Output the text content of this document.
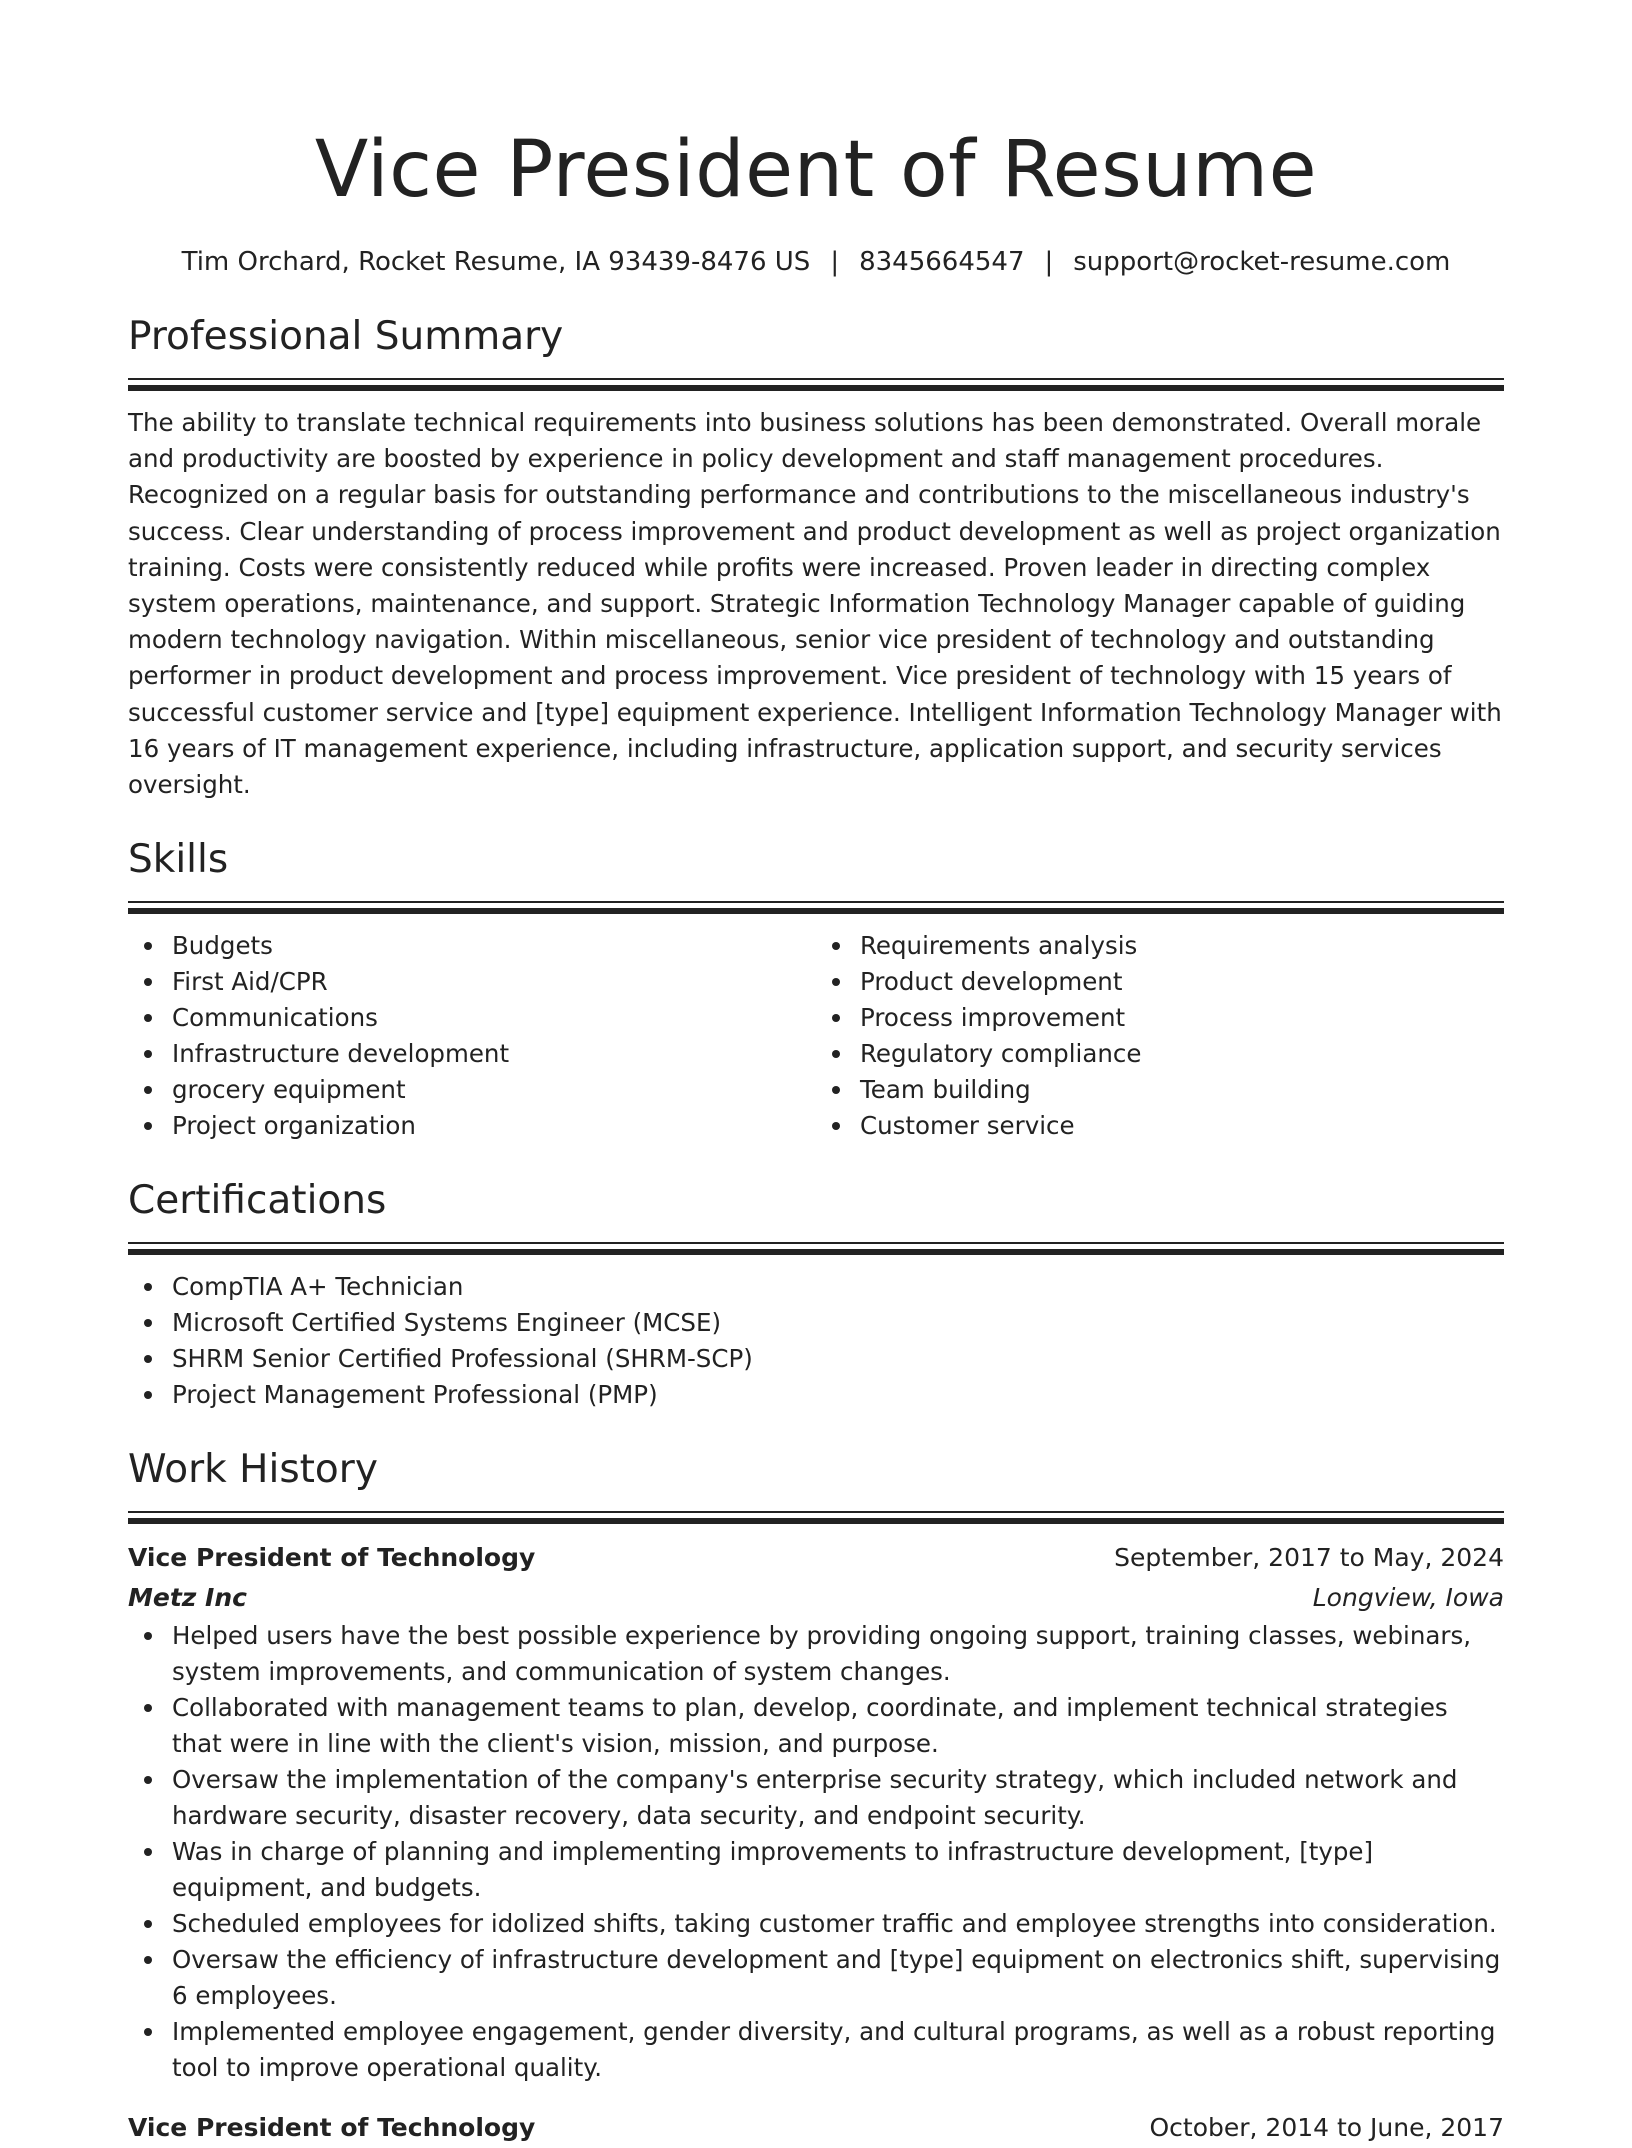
Vice President of Resume
Tim Orchard, Rocket Resume, IA 93439-8476 US | 8345664547 | support@rocket-resume.com
Professional Summary

The ability to translate technical requirements into business solutions has been demonstrated. Overall morale and productivity are boosted by experience in policy development and staff management procedures. Recognized on a regular basis for outstanding performance and contributions to the miscellaneous industry's success. Clear understanding of process improvement and product development as well as project organization training. Costs were consistently reduced while profits were increased. Proven leader in directing complex system operations, maintenance, and support. Strategic Information Technology Manager capable of guiding modern technology navigation. Within miscellaneous, senior vice president of technology and outstanding performer in product development and process improvement. Vice president of technology with 15 years of successful customer service and [type] equipment experience. Intelligent Information Technology Manager with 16 years of IT management experience, including infrastructure, application support, and security services oversight.

Skills
Budgets
First Aid/CPR
Communications
Infrastructure development
grocery equipment
Project organization
Requirements analysis
Product development
Process improvement
Regulatory compliance
Team building
Customer service
Certifications
CompTIA A+ Technician
Microsoft Certified Systems Engineer (MCSE)
SHRM Senior Certified Professional (SHRM-SCP)
Project Management Professional (PMP)
Work History
Vice President of Technology	September, 2017 to May, 2024
Metz Inc	Longview, Iowa
Helped users have the best possible experience by providing ongoing support, training classes, webinars, system improvements, and communication of system changes.
Collaborated with management teams to plan, develop, coordinate, and implement technical strategies that were in line with the client's vision, mission, and purpose.
Oversaw the implementation of the company's enterprise security strategy, which included network and hardware security, disaster recovery, data security, and endpoint security.
Was in charge of planning and implementing improvements to infrastructure development, [type] equipment, and budgets.
Scheduled employees for idolized shifts, taking customer traffic and employee strengths into consideration.
Oversaw the efficiency of infrastructure development and [type] equipment on electronics shift, supervising 6 employees.
Implemented employee engagement, gender diversity, and cultural programs, as well as a robust reporting tool to improve operational quality.
Vice President of Technology	October, 2014 to June, 2017
